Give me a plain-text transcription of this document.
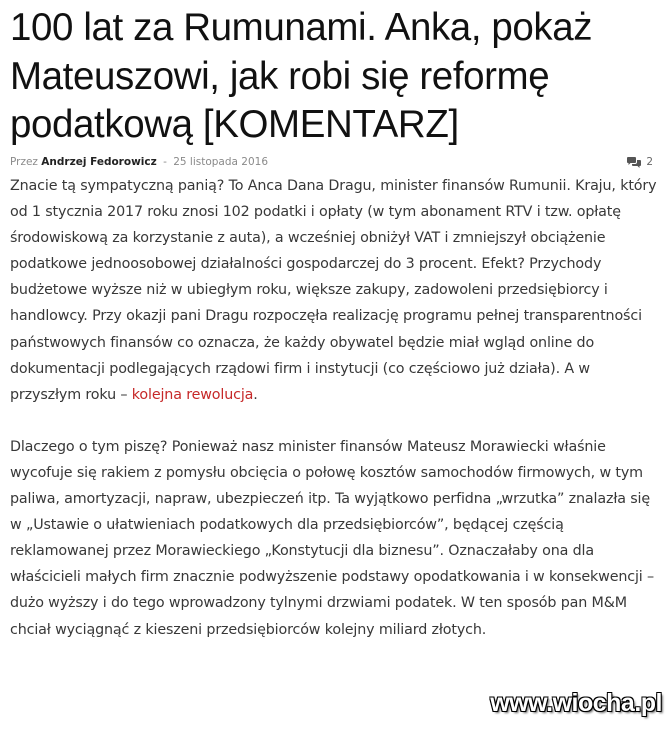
100 lat za Rumunami. Anka, pokaż Mateuszowi, jak robi się reformę podatkową [KOMENTARZ]
Przez Andrzej Fedorowicz - 25 listopada 2016	2

Znacie tą sympatyczną panią? To Anca Dana Dragu, minister finansów Rumunii. Kraju, który od 1 stycznia 2017 roku znosi 102 podatki i opłaty (w tym abonament RTV i tzw. opłatę środowiskową za korzystanie z auta), a wcześniej obniżył VAT i zmniejszył obciążenie podatkowe jednoosobowej działalności gospodarczej do 3 procent. Efekt? Przychody budżetowe wyższe niż w ubiegłym roku, większe zakupy, zadowoleni przedsiębiorcy i handlowcy. Przy okazji pani Dragu rozpoczęła realizację programu pełnej transparentności państwowych finansów co oznacza, że każdy obywatel będzie miał wgląd online do dokumentacji podlegających rządowi firm i instytucji (co częściowo już działa). A w przyszłym roku – kolejna rewolucja.

Dlaczego o tym piszę? Ponieważ nasz minister finansów Mateusz Morawiecki właśnie wycofuje się rakiem z pomysłu obcięcia o połowę kosztów samochodów firmowych, w tym paliwa, amortyzacji, napraw, ubezpieczeń itp. Ta wyjątkowo perfidna „wrzutka” znalazła się w „Ustawie o ułatwieniach podatkowych dla przedsiębiorców”, będącej częścią reklamowanej przez Morawieckiego „Konstytucji dla biznesu”. Oznaczałaby ona dla właścicieli małych firm znacznie podwyższenie podstawy opodatkowania i w konsekwencji – dużo wyższy i do tego wprowadzony tylnymi drzwiami podatek. W ten sposób pan M&M chciał wyciągnąć z kieszeni przedsiębiorców kolejny miliard złotych.

www.wiocha.pl
